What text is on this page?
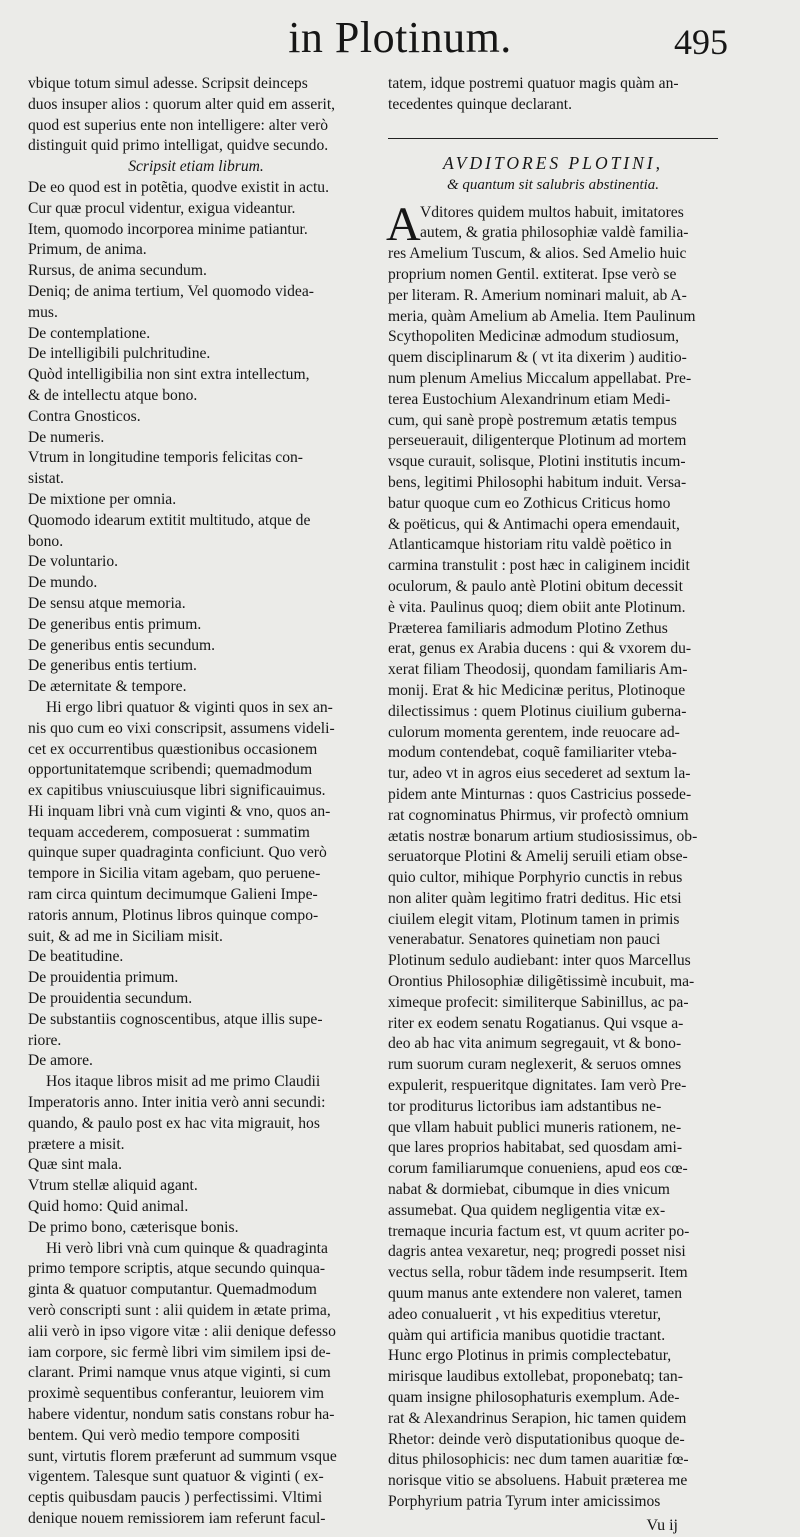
in Plotinum.	495
vbique totum simul adesse. Scripsit deinceps
duos insuper alios : quorum alter quid em asserit,
quod est superius ente non intelligere: alter verò
distinguit quid primo intelligat, quidve secundo.
Scripsit etiam librum.
De eo quod est in potẽtia, quodve existit in actu.
Cur quæ procul videntur, exigua videantur.
Item, quomodo incorporea minime patiantur.
Primum, de anima.
Rursus, de anima secundum.
Deniq; de anima tertium, Vel quomodo videa-
mus.
De contemplatione.
De intelligibili pulchritudine.
Quòd intelligibilia non sint extra intellectum,
& de intellectu atque bono.
Contra Gnosticos.
De numeris.
Vtrum in longitudine temporis felicitas con-
sistat.
De mixtione per omnia.
Quomodo idearum extitit multitudo, atque de
bono.
De voluntario.
De mundo.
De sensu atque memoria.
De generibus entis primum.
De generibus entis secundum.
De generibus entis tertium.
De æternitate & tempore.
Hi ergo libri quatuor & viginti quos in sex an-
nis quo cum eo vixi conscripsit, assumens videli-
cet ex occurrentibus quæstionibus occasionem
opportunitatemque scribendi; quemadmodum
ex capitibus vniuscuiusque libri significauimus.
Hi inquam libri vnà cum viginti & vno, quos an-
tequam accederem, composuerat : summatim
quinque super quadraginta conficiunt. Quo verò
tempore in Sicilia vitam agebam, quo peruene-
ram circa quintum decimumque Galieni Impe-
ratoris annum, Plotinus libros quinque compo-
suit, & ad me in Siciliam misit.
De beatitudine.
De prouidentia primum.
De prouidentia secundum.
De substantiis cognoscentibus, atque illis supe-
riore.
De amore.
Hos itaque libros misit ad me primo Claudii
Imperatoris anno. Inter initia verò anni secundi:
quando, & paulo post ex hac vita migrauit, hos
prætere a misit.
Quæ sint mala.
Vtrum stellæ aliquid agant.
Quid homo: Quid animal.
De primo bono, cæterisque bonis.
Hi verò libri vnà cum quinque & quadraginta
primo tempore scriptis, atque secundo quinqua-
ginta & quatuor computantur. Quemadmodum
verò conscripti sunt : alii quidem in ætate prima,
alii verò in ipso vigore vitæ : alii denique defesso
iam corpore, sic fermè libri vim similem ipsi de-
clarant. Primi namque vnus atque viginti, si cum
proximè sequentibus conferantur, leuiorem vim
habere videntur, nondum satis constans robur ha-
bentem. Qui verò medio tempore compositi
sunt, virtutis florem præferunt ad summum vsque
vigentem. Talesque sunt quatuor & viginti ( ex-
ceptis quibusdam paucis ) perfectissimi. Vltimi
denique nouem remissiorem iam referunt facul-
tatem, idque postremi quatuor magis quàm an-
tecedentes quinque declarant.
AVDITORES PLOTINI,
& quantum sit salubris abstinentia.
A Vditores quidem multos habuit, imitatores
autem, & gratia philosophiæ valdè familia-
res Amelium Tuscum, & alios. Sed Amelio huic
proprium nomen Gentil. extiterat. Ipse verò se
per literam. R. Amerium nominari maluit, ab A-
meria, quàm Amelium ab Amelia. Item Paulinum
Scythopoliten Medicinæ admodum studiosum,
quem disciplinarum & ( vt ita dixerim ) auditio-
num plenum Amelius Miccalum appellabat. Pre-
terea Eustochium Alexandrinum etiam Medi-
cum, qui sanè propè postremum ætatis tempus
perseuerauit, diligenterque Plotinum ad mortem
vsque curauit, solisque, Plotini institutis incum-
bens, legitimi Philosophi habitum induit. Versa-
batur quoque cum eo Zothicus Criticus homo
& poëticus, qui & Antimachi opera emendauit,
Atlanticamque historiam ritu valdè poëtico in
carmina transtulit : post hæc in caliginem incidit
oculorum, & paulo antè Plotini obitum decessit
è vita. Paulinus quoq; diem obiit ante Plotinum.
Præterea familiaris admodum Plotino Zethus
erat, genus ex Arabia ducens : qui & vxorem du-
xerat filiam Theodosij, quondam familiaris Am-
monij. Erat & hic Medicinæ peritus, Plotinoque
dilectissimus : quem Plotinus ciuilium guberna-
culorum momenta gerentem, inde reuocare ad-
modum contendebat, coquẽ familiariter vteba-
tur, adeo vt in agros eius secederet ad sextum la-
pidem ante Minturnas : quos Castricius possede-
rat cognominatus Phirmus, vir profectò omnium
ætatis nostræ bonarum artium studiosissimus, ob-
seruatorque Plotini & Amelij seruili etiam obse-
quio cultor, mihique Porphyrio cunctis in rebus
non aliter quàm legitimo fratri deditus. Hic etsi
ciuilem elegit vitam, Plotinum tamen in primis
venerabatur. Senatores quinetiam non pauci
Plotinum sedulo audiebant: inter quos Marcellus
Orontius Philosophiæ diligẽtissimè incubuit, ma-
ximeque profecit: similiterque Sabinillus, ac pa-
riter ex eodem senatu Rogatianus. Qui vsque a-
deo ab hac vita animum segregauit, vt & bono-
rum suorum curam neglexerit, & seruos omnes
expulerit, respueritque dignitates. Iam verò Pre-
tor proditurus lictoribus iam adstantibus ne-
que vllam habuit publici muneris rationem, ne-
que lares proprios habitabat, sed quosdam ami-
corum familiarumque conueniens, apud eos cœ-
nabat & dormiebat, cibumque in dies vnicum
assumebat. Qua quidem negligentia vitæ ex-
tremaque incuria factum est, vt quum acriter po-
dagris antea vexaretur, neq; progredi posset nisi
vectus sella, robur tãdem inde resumpserit. Item
quum manus ante extendere non valeret, tamen
adeo conualuerit , vt his expeditius vteretur,
quàm qui artificia manibus quotidie tractant.
Hunc ergo Plotinus in primis complectebatur,
mirisque laudibus extollebat, proponebatq; tan-
quam insigne philosophaturis exemplum. Ade-
rat & Alexandrinus Serapion, hic tamen quidem
Rhetor: deinde verò disputationibus quoque de-
ditus philosophicis: nec dum tamen auaritiæ fœ-
norisque vitio se absoluens. Habuit præterea me
Porphyrium patria Tyrum inter amicissimos
Vu ij
